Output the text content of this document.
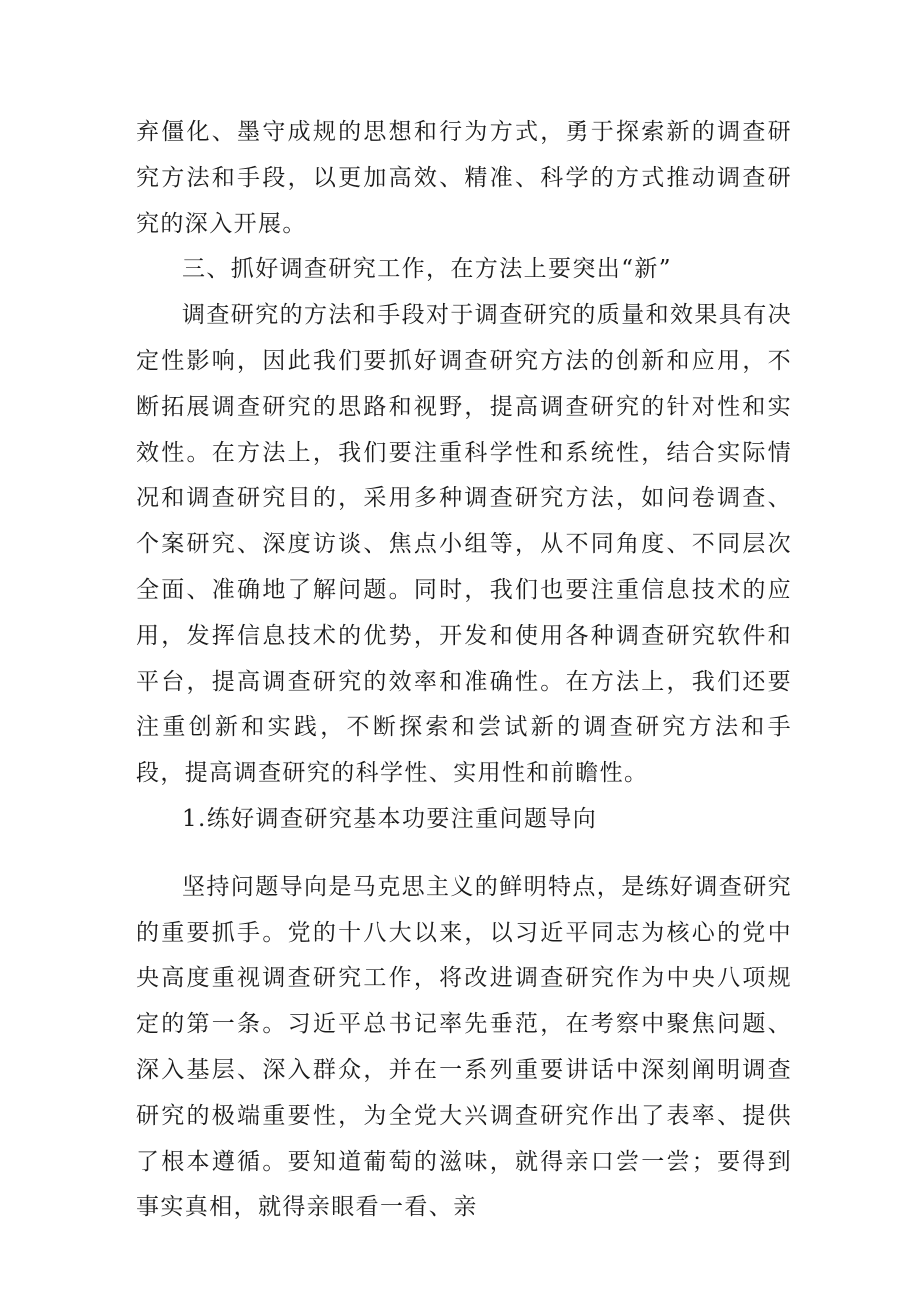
弃僵化、墨守成规的思想和行为方式，勇于探索新的调查研究方法和手段，以更加高效、精准、科学的方式推动调查研究的深入开展。

三、抓好调查研究工作，在方法上要突出“新”

调查研究的方法和手段对于调查研究的质量和效果具有决定性影响，因此我们要抓好调查研究方法的创新和应用，不断拓展调查研究的思路和视野，提高调查研究的针对性和实效性。在方法上，我们要注重科学性和系统性，结合实际情况和调查研究目的，采用多种调查研究方法，如问卷调查、个案研究、深度访谈、焦点小组等，从不同角度、不同层次全面、准确地了解问题。同时，我们也要注重信息技术的应用，发挥信息技术的优势，开发和使用各种调查研究软件和平台，提高调查研究的效率和准确性。在方法上，我们还要注重创新和实践，不断探索和尝试新的调查研究方法和手段，提高调查研究的科学性、实用性和前瞻性。

1.练好调查研究基本功要注重问题导向

坚持问题导向是马克思主义的鲜明特点，是练好调查研究的重要抓手。党的十八大以来，以习近平同志为核心的党中央高度重视调查研究工作，将改进调查研究作为中央八项规定的第一条。习近平总书记率先垂范，在考察中聚焦问题、深入基层、深入群众，并在一系列重要讲话中深刻阐明调查研究的极端重要性，为全党大兴调查研究作出了表率、提供了根本遵循。要知道葡萄的滋味，就得亲口尝一尝；要得到事实真相，就得亲眼看一看、亲
